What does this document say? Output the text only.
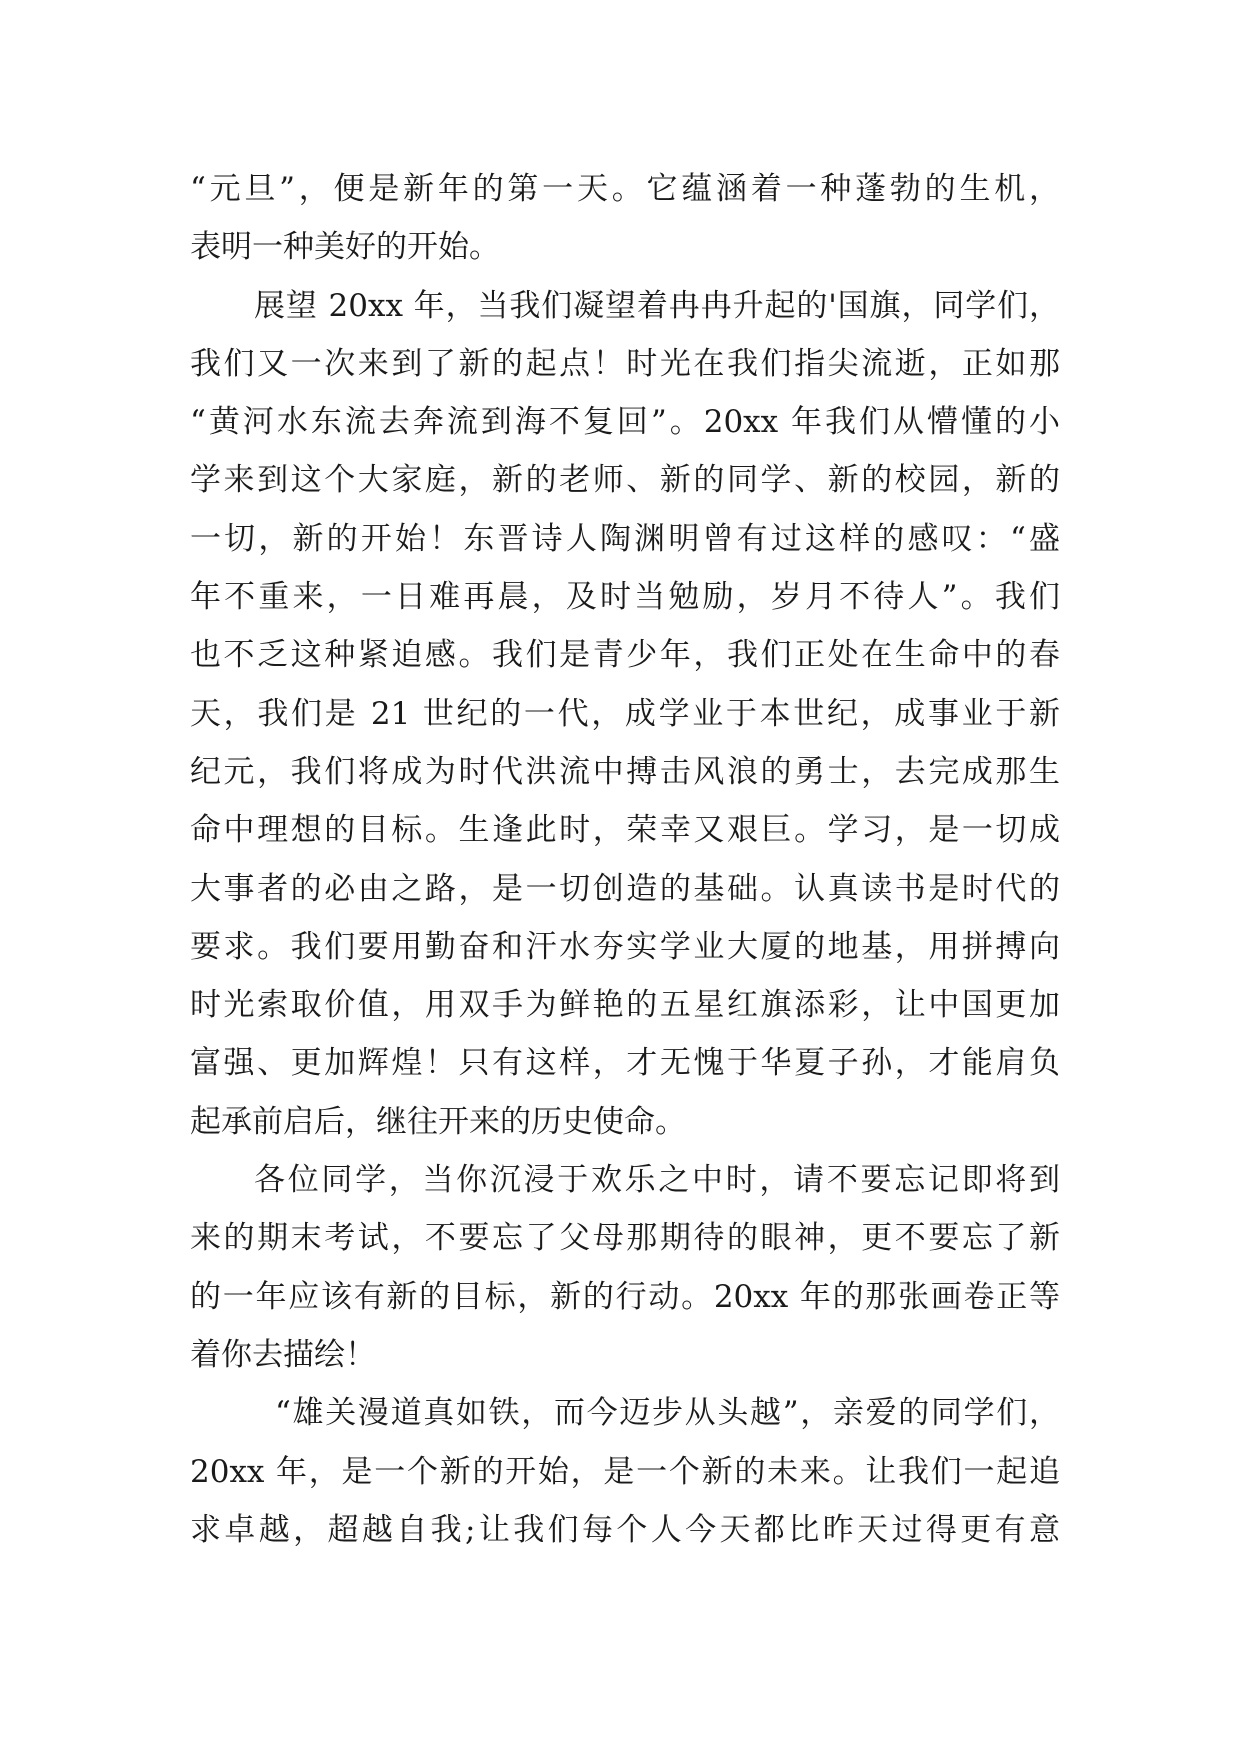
“元旦”，便是新年的第一天。它蕴涵着一种蓬勃的生机，
表明一种美好的开始。
展望 20xx 年，当我们凝望着冉冉升起的'国旗，同学们，
我们又一次来到了新的起点！时光在我们指尖流逝，正如那
“黄河水东流去奔流到海不复回”。20xx 年我们从懵懂的小
学来到这个大家庭，新的老师、新的同学、新的校园，新的
一切，新的开始！东晋诗人陶渊明曾有过这样的感叹：“盛
年不重来，一日难再晨，及时当勉励，岁月不待人”。我们
也不乏这种紧迫感。我们是青少年，我们正处在生命中的春
天，我们是 21 世纪的一代，成学业于本世纪，成事业于新
纪元，我们将成为时代洪流中搏击风浪的勇士，去完成那生
命中理想的目标。生逢此时，荣幸又艰巨。学习，是一切成
大事者的必由之路，是一切创造的基础。认真读书是时代的
要求。我们要用勤奋和汗水夯实学业大厦的地基，用拼搏向
时光索取价值，用双手为鲜艳的五星红旗添彩，让中国更加
富强、更加辉煌！只有这样，才无愧于华夏子孙，才能肩负
起承前启后，继往开来的历史使命。
各位同学，当你沉浸于欢乐之中时，请不要忘记即将到
来的期末考试，不要忘了父母那期待的眼神，更不要忘了新
的一年应该有新的目标，新的行动。20xx 年的那张画卷正等
着你去描绘！
“雄关漫道真如铁，而今迈步从头越”，亲爱的同学们，
20xx 年，是一个新的开始，是一个新的未来。让我们一起追
求卓越，超越自我;让我们每个人今天都比昨天过得更有意
